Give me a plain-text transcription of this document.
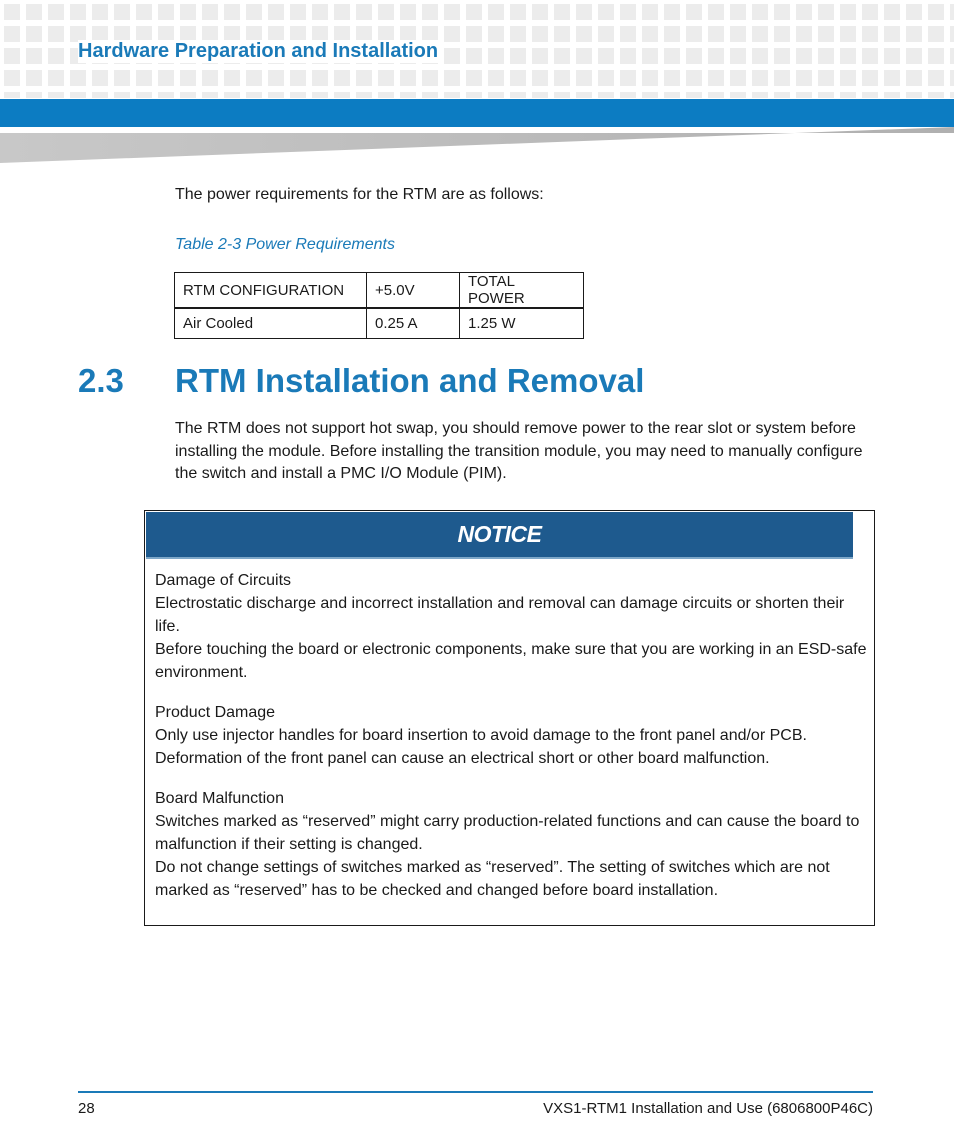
Hardware Preparation and Installation
The power requirements for the RTM are as follows:
Table 2-3 Power Requirements
RTM CONFIGURATION	+5.0V	TOTAL POWER
Air Cooled	0.25 A	1.25 W
2.3 RTM Installation and Removal
The RTM does not support hot swap, you should remove power to the rear slot or system before installing the module. Before installing the transition module, you may need to manually configure the switch and install a PMC I/O Module (PIM).
NOTICE

Damage of Circuits

Electrostatic discharge and incorrect installation and removal can damage circuits or shorten their life.

Before touching the board or electronic components, make sure that you are working in an ESD-safe environment.

Product Damage

Only use injector handles for board insertion to avoid damage to the front panel and/or PCB.

Deformation of the front panel can cause an electrical short or other board malfunction.

Board Malfunction

Switches marked as “reserved” might carry production-related functions and can cause the board to malfunction if their setting is changed.

Do not change settings of switches marked as “reserved”. The setting of switches which are not marked as “reserved” has to be checked and changed before board installation.

28	VXS1-RTM1 Installation and Use (6806800P46C)
